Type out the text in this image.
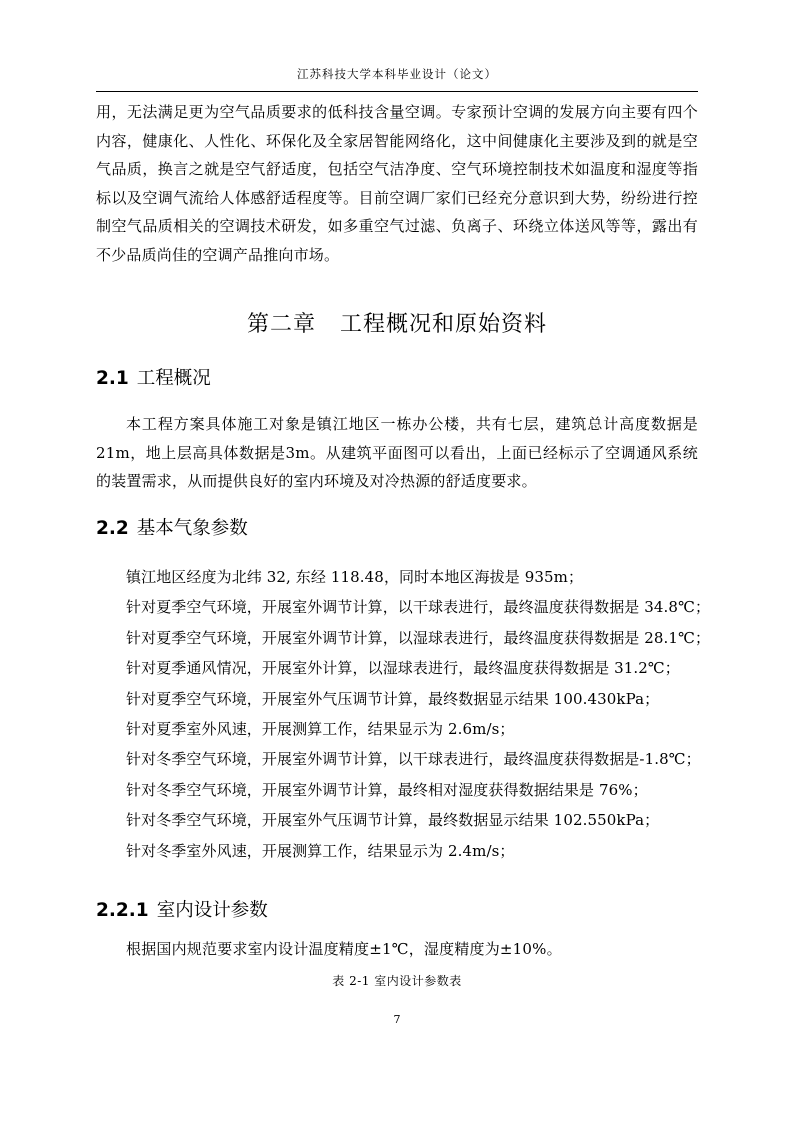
江苏科技大学本科毕业设计（论文）

用，无法满足更为空气品质要求的低科技含量空调。专家预计空调的发展方向主要有四个内容，健康化、人性化、环保化及全家居智能网络化，这中间健康化主要涉及到的就是空气品质，换言之就是空气舒适度，包括空气洁净度、空气环境控制技术如温度和湿度等指标以及空调气流给人体感舒适程度等。目前空调厂家们已经充分意识到大势，纷纷进行控制空气品质相关的空调技术研发，如多重空气过滤、负离子、环绕立体送风等等，露出有不少品质尚佳的空调产品推向市场。

第二章 工程概况和原始资料
2.1 工程概况

本工程方案具体施工对象是镇江地区一栋办公楼，共有七层，建筑总计高度数据是21m，地上层高具体数据是3m。从建筑平面图可以看出，上面已经标示了空调通风系统的装置需求，从而提供良好的室内环境及对冷热源的舒适度要求。

2.2 基本气象参数
镇江地区经度为北纬 32, 东经 118.48，同时本地区海拔是 935m；
针对夏季空气环境，开展室外调节计算，以干球表进行，最终温度获得数据是 34.8℃；
针对夏季空气环境，开展室外调节计算，以湿球表进行，最终温度获得数据是 28.1℃；
针对夏季通风情况，开展室外计算，以湿球表进行，最终温度获得数据是 31.2℃；
针对夏季空气环境，开展室外气压调节计算，最终数据显示结果 100.430kPa；
针对夏季室外风速，开展测算工作，结果显示为 2.6m/s；
针对冬季空气环境，开展室外调节计算，以干球表进行，最终温度获得数据是-1.8℃；
针对冬季空气环境，开展室外调节计算，最终相对湿度获得数据结果是 76%；
针对冬季空气环境，开展室外气压调节计算，最终数据显示结果 102.550kPa；
针对冬季室外风速，开展测算工作，结果显示为 2.4m/s；
2.2.1 室内设计参数

根据国内规范要求室内设计温度精度±1℃，湿度精度为±10%。

表 2-1 室内设计参数表
7
